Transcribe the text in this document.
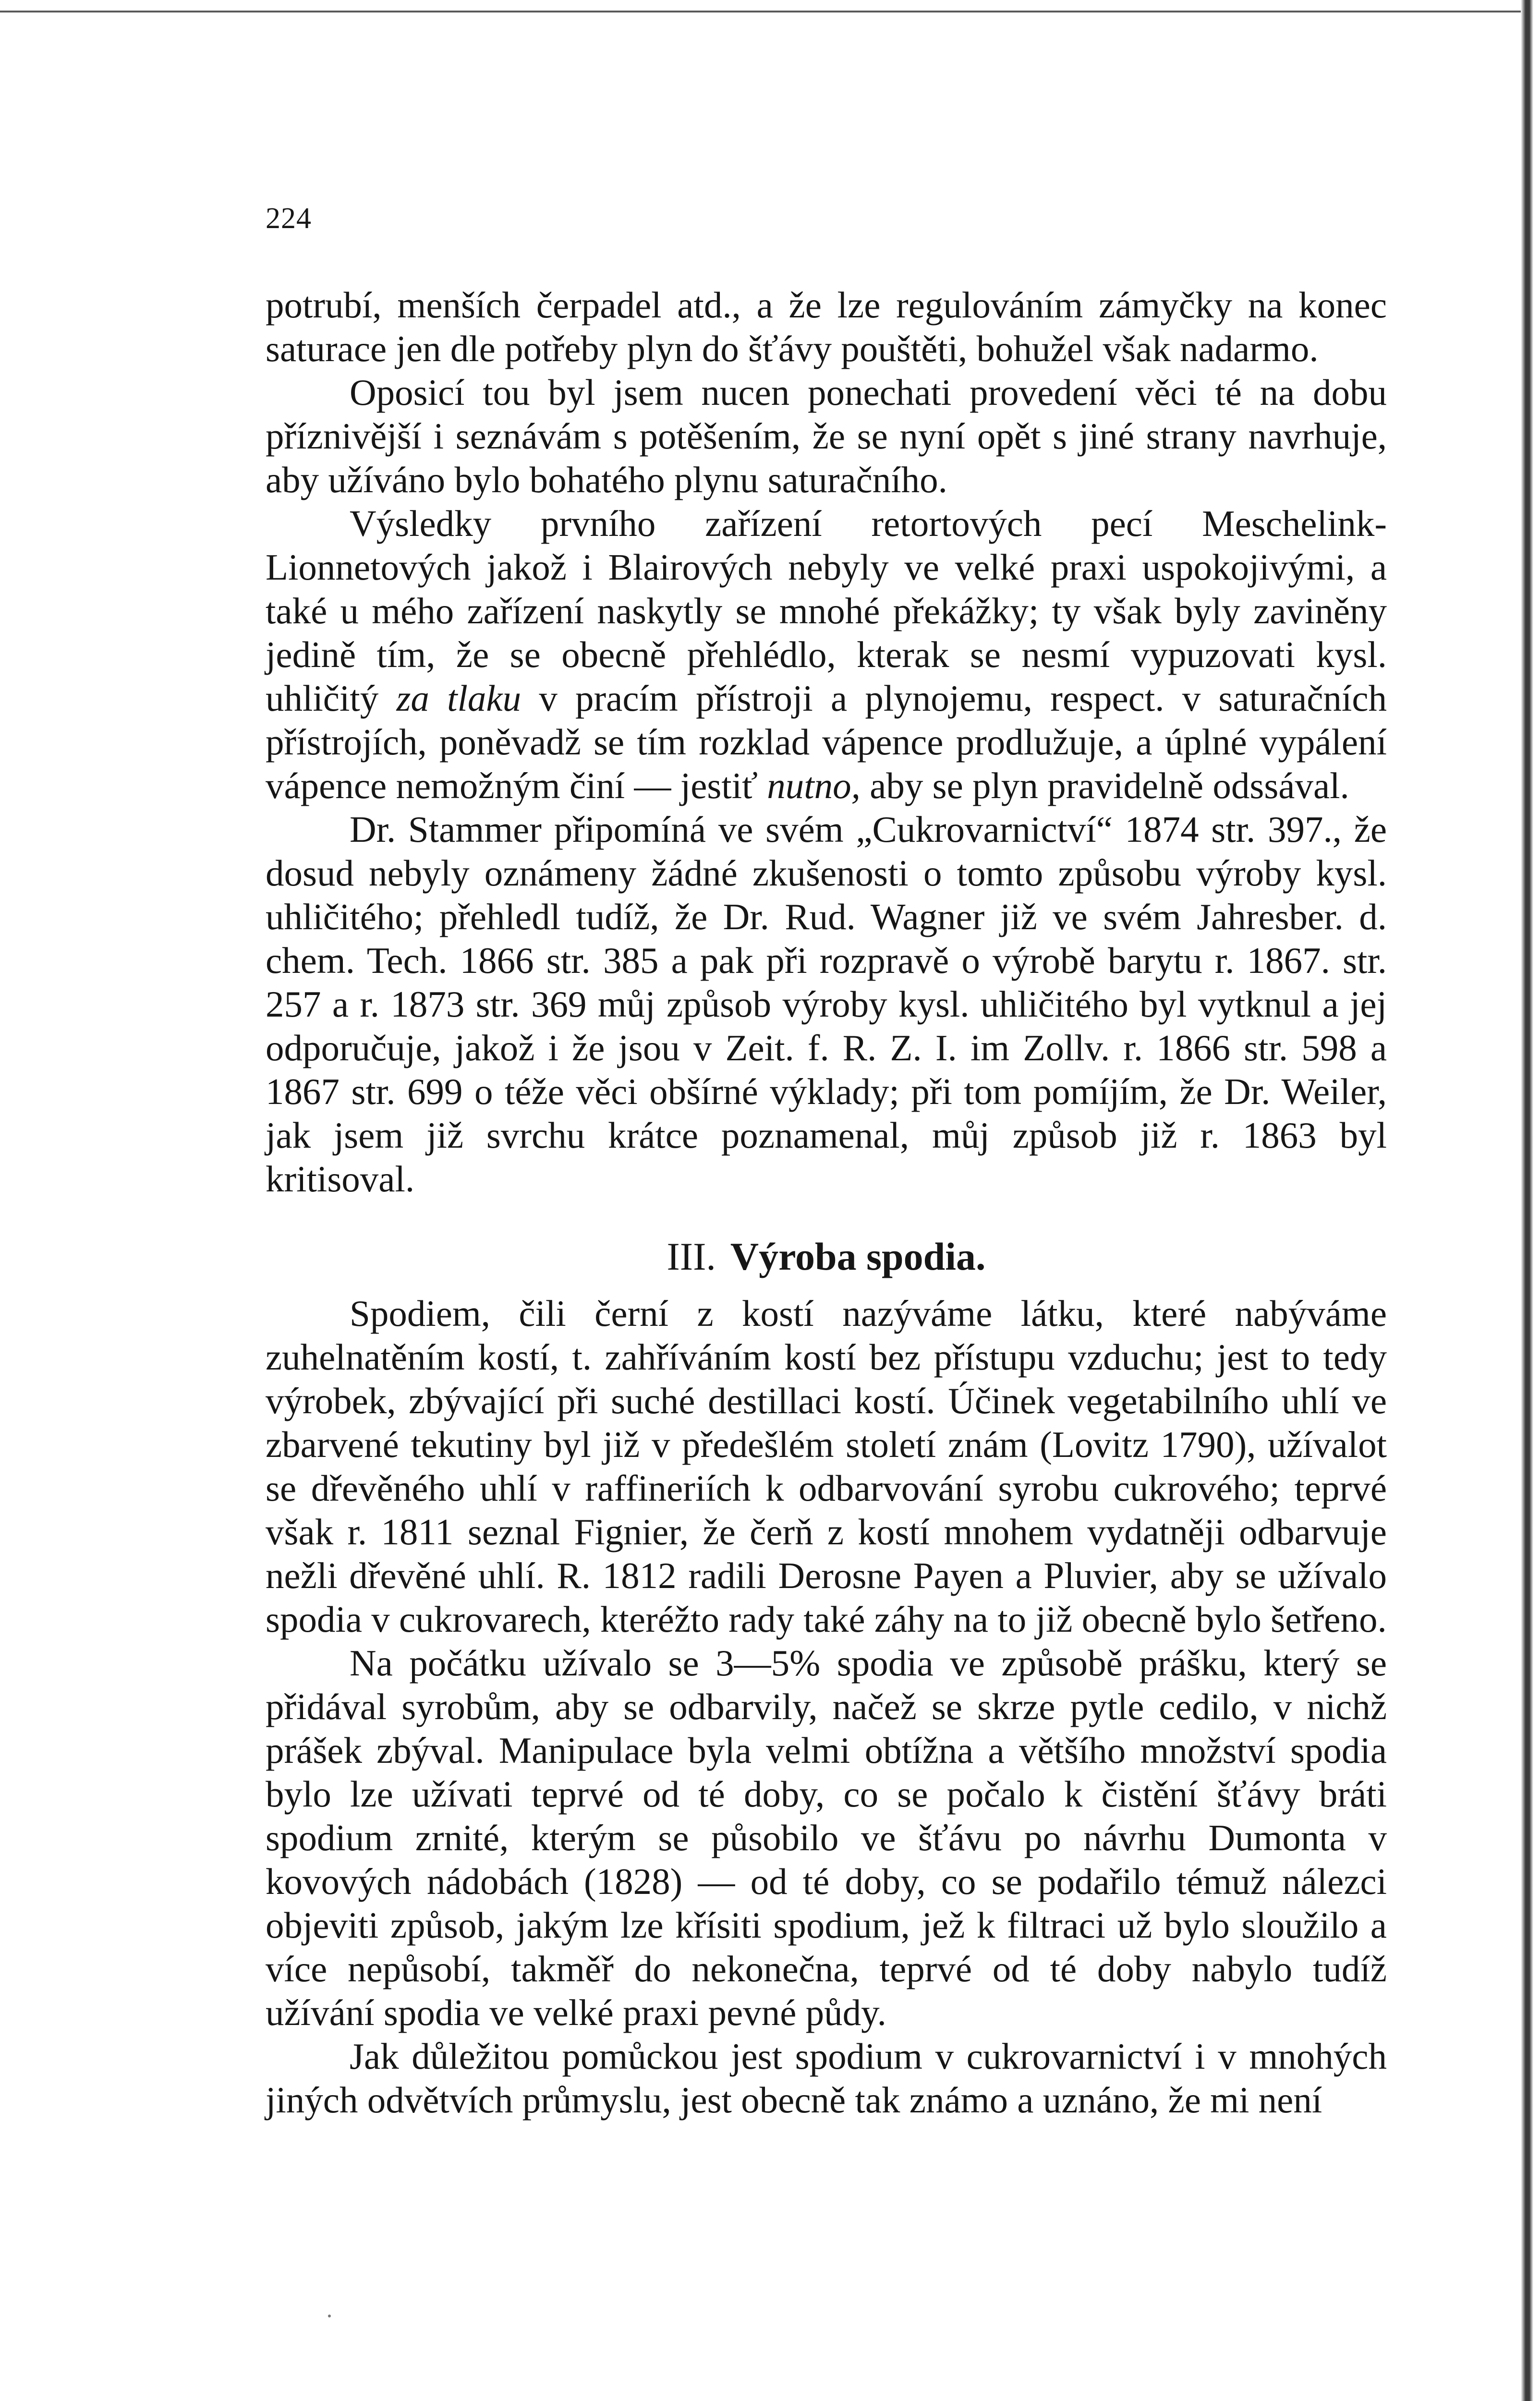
224

potrubí, menších čerpadel atd., a že lze regulováním zámyčky na konec saturace jen dle potřeby plyn do šťávy pouštěti, bohužel však nadarmo.

Oposicí tou byl jsem nucen ponechati provedení věci té na dobu příznivější i seznávám s potěšením, že se nyní opět s jiné strany navrhuje, aby užíváno bylo bohatého plynu saturačního.

Výsledky prvního zařízení retortových pecí Meschelink-Lionnetových jakož i Blairových nebyly ve velké praxi uspokojivými, a také u mého zařízení naskytly se mnohé překážky; ty však byly zaviněny jedině tím, že se obecně přehlédlo, kterak se nesmí vypuzovati kysl. uhličitý za tlaku v pracím přístroji a plynojemu, respect. v saturačních přístrojích, poněvadž se tím rozklad vápence prodlužuje, a úplné vypálení vápence nemožným činí — jestiť nutno, aby se plyn pravidelně odssával.

Dr. Stammer připomíná ve svém „Cukrovarnictví“ 1874 str. 397., že dosud nebyly oznámeny žádné zkušenosti o tomto způsobu výroby kysl. uhličitého; přehledl tudíž, že Dr. Rud. Wagner již ve svém Jahresber. d. chem. Tech. 1866 str. 385 a pak při rozpravě o výrobě barytu r. 1867. str. 257 a r. 1873 str. 369 můj způsob výroby kysl. uhličitého byl vytknul a jej odporučuje, jakož i že jsou v Zeit. f. R. Z. I. im Zollv. r. 1866 str. 598 a 1867 str. 699 o téže věci obšírné výklady; při tom pomíjím, že Dr. Weiler, jak jsem již svrchu krátce poznamenal, můj způsob již r. 1863 byl kritisoval.

III. Výroba spodia.

Spodiem, čili černí z kostí nazýváme látku, které nabýváme zuhelnatěním kostí, t. zahříváním kostí bez přístupu vzduchu; jest to tedy výrobek, zbývající při suché destillaci kostí. Účinek vegetabilního uhlí ve zbarvené tekutiny byl již v předešlém století znám (Lovitz 1790), užívalot se dřevěného uhlí v raffineriích k odbarvování syrobu cukrového; teprvé však r. 1811 seznal Fignier, že čerň z kostí mnohem vydatněji odbarvuje nežli dřevěné uhlí. R. 1812 radili Derosne Payen a Pluvier, aby se užívalo spodia v cukrovarech, kteréžto rady také záhy na to již obecně bylo šetřeno.

Na počátku užívalo se 3—5% spodia ve způsobě prášku, který se přidával syrobům, aby se odbarvily, načež se skrze pytle cedilo, v nichž prášek zbýval. Manipulace byla velmi obtížna a většího množství spodia bylo lze užívati teprvé od té doby, co se počalo k čistění šťávy bráti spodium zrnité, kterým se působilo ve šťávu po návrhu Dumonta v kovových nádobách (1828) — od té doby, co se podařilo témuž nálezci objeviti způsob, jakým lze křísiti spodium, jež k filtraci už bylo sloužilo a více nepůsobí, takměř do nekonečna, teprvé od té doby nabylo tudíž užívání spodia ve velké praxi pevné půdy.

Jak důležitou pomůckou jest spodium v cukrovarnictví i v mnohých jiných odvětvích průmyslu, jest obecně tak známo a uznáno, že mi není
